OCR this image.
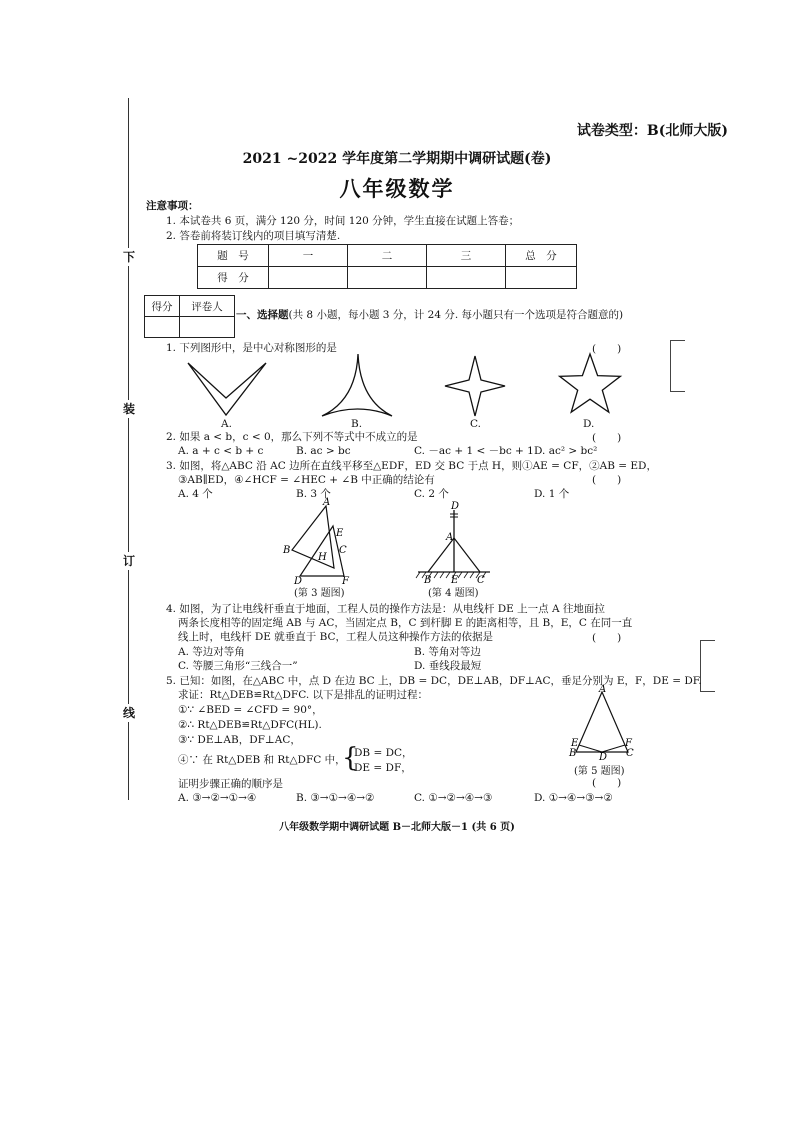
下
装
订
线
试卷类型：B(北师大版)
2021 ~2022 学年度第二学期期中调研试题(卷)
八年级数学
注意事项：
1. 本试卷共 6 页，满分 120 分，时间 120 分钟，学生直接在试题上答卷；
2. 答卷前将装订线内的项目填写清楚.
题　号	一	二	三	总　分
得　分				
得分	评卷人

一、选择题(共 8 小题，每小题 3 分，计 24 分. 每小题只有一个选项是符合题意的)
1. 下列图形中，是中心对称图形的是	(　　)
A.	B.	C.	D.
2. 如果 a < b，c < 0，那么下列不等式中不成立的是	(　　)
A. a + c < b + c	B. ac > bc	C. －ac + 1 < －bc + 1 D. ac² > bc²
3. 如图，将△ABC 沿 AC 边所在直线平移至△EDF，ED 交 BC 于点 H，则①AE = CF，②AB = ED，
③AB∥ED，④∠HCF = ∠HEC + ∠B 中正确的结论有	(　　)
A. 4 个	B. 3 个	C. 2 个	D. 1 个
A
E
B
H
C
D	F
(第 3 题图)
D
A
B E C
(第 4 题图)
4. 如图，为了让电线杆垂直于地面，工程人员的操作方法是：从电线杆 DE 上一点 A 往地面拉
两条长度相等的固定绳 AB 与 AC，当固定点 B，C 到杆脚 E 的距离相等，且 B，E，C 在同一直
线上时，电线杆 DE 就垂直于 BC，工程人员这种操作方法的依据是	(　　)
A. 等边对等角	B. 等角对等边
C. 等腰三角形“三线合一”	D. 垂线段最短
5. 已知：如图，在△ABC 中，点 D 在边 BC 上，DB = DC，DE⊥AB，DF⊥AC，垂足分别为 E，F，DE = DF.
求证：Rt△DEB≌Rt△DFC. 以下是排乱的证明过程：
①∵ ∠BED = ∠CFD = 90°，
②∴ Rt△DEB≌Rt△DFC(HL).
③∵ DE⊥AB，DF⊥AC，
④∵ 在 Rt△DEB 和 Rt△DFC 中，
{
DB = DC，
DE = DF，
证明步骤正确的顺序是	(　　)
A. ③→②→①→④	B. ③→①→④→②	C. ①→②→④→③	D. ①→④→③→②
A
E	F
B D C
(第 5 题图)
八年级数学期中调研试题 B－北师大版－1 (共 6 页)
